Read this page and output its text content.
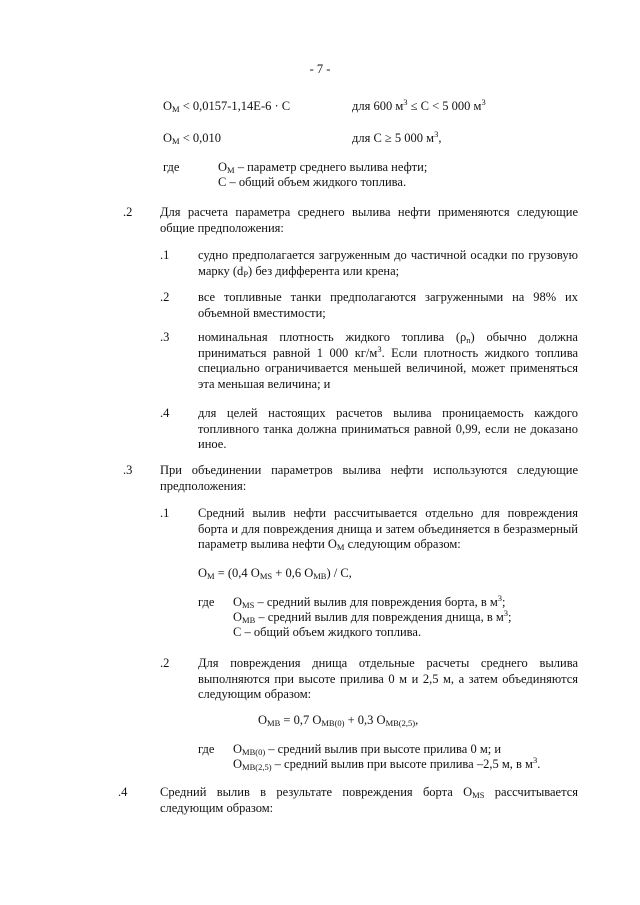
- 7 -
$O_M < 0,0157-1,14E-6 \cdot C$	для 600 $м^3 \le C < 5$ 000 $м^3$
$O_M < 0,010$	для C ≥ 5 000 $м^3$,
где	$O_M$ – параметр среднего вылива нефти;
C – общий объем жидкого топлива.
.2 Для расчета параметра среднего вылива нефти применяются следующие общие предположения:
.1 судно предполагается загруженным до частичной осадки по грузовую марку $(d_P)$ без дифферента или крена;
.2 все топливные танки предполагаются загруженными на 98% их объемной вместимости;
.3 номинальная плотность жидкого топлива $(\rho_n)$ обычно должна приниматься равной 1 000 $кг/м^3$. Если плотность жидкого топлива специально ограничивается меньшей величиной, может применяться эта меньшая величина; и
.4 для целей настоящих расчетов вылива проницаемость каждого топливного танка должна приниматься равной 0,99, если не доказано иное.
.3 При объединении параметров вылива нефти используются следующие предположения:
.1 Средний вылив нефти рассчитывается отдельно для повреждения борта и для повреждения днища и затем объединяется в безразмерный параметр вылива нефти $O_M$ следующим образом:
$O_M = (0,4$ $O_{MS} + 0,6$ $O_{MB}$) / C,
где $O_{MS}$ – средний вылив для повреждения борта, в $м^3$;
$O_{MB}$ – средний вылив для повреждения днища, в $м^3$;
C – общий объем жидкого топлива.
.2 Для повреждения днища отдельные расчеты среднего вылива выполняются при высоте прилива 0 м и 2,5 м, а затем объединяются следующим образом:
$O_{MB} = 0,7$ $O_{MB(0)} + 0,3$ $O_{MB(2,5)}$,
где $O_{MB(0)}$ – средний вылив при высоте прилива 0 м; и
$O_{MB(2,5)}$ – средний вылив при высоте прилива –2,5 м, в $м^3$.
.4	Средний вылив в результате повреждения борта $O_{MS}$ рассчитывается следующим образом:
